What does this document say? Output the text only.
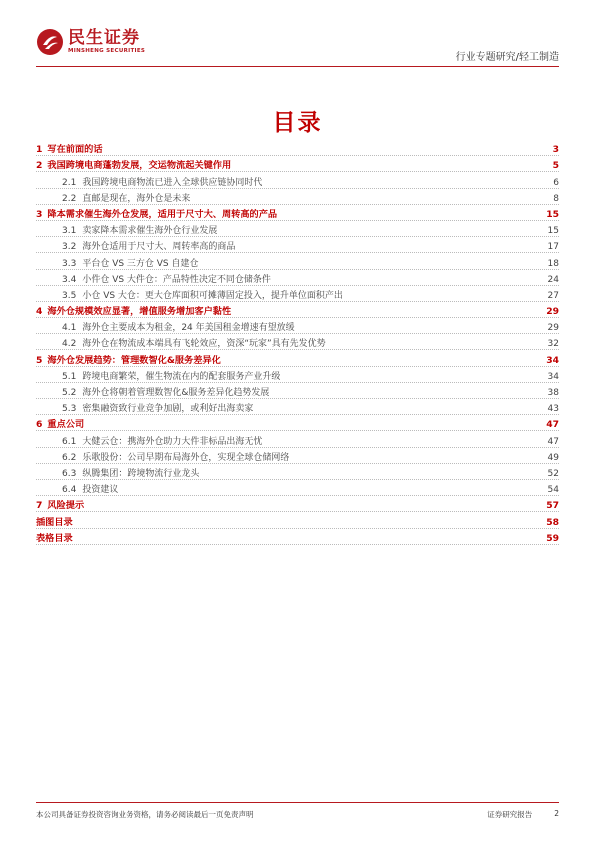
民生证券
MINSHENG SECURITIES
行业专题研究/轻工制造
目录
1 写在前面的话	3
2 我国跨境电商蓬勃发展，交运物流起关键作用	5
2.1 我国跨境电商物流已进入全球供应链协同时代	6
2.2 直邮是现在，海外仓是未来	8
3 降本需求催生海外仓发展，适用于尺寸大、周转高的产品	15
3.1 卖家降本需求催生海外仓行业发展	15
3.2 海外仓适用于尺寸大、周转率高的商品	17
3.3 平台仓 VS 三方仓 VS 自建仓	18
3.4 小件仓 VS 大件仓：产品特性决定不同仓储条件	24
3.5 小仓 VS 大仓：更大仓库面积可摊薄固定投入，提升单位面积产出	27
4 海外仓规模效应显著，增值服务增加客户黏性	29
4.1 海外仓主要成本为租金，24 年美国租金增速有望放缓	29
4.2 海外仓在物流成本端具有飞轮效应，资深“玩家”具有先发优势	32
5 海外仓发展趋势：管理数智化&服务差异化	34
5.1 跨境电商繁荣，催生物流在内的配套服务产业升级	34
5.2 海外仓将朝着管理数智化&服务差异化趋势发展	38
5.3 密集融资致行业竞争加剧，或利好出海卖家	43
6 重点公司	47
6.1 大健云仓：携海外仓助力大件非标品出海无忧	47
6.2 乐歌股份：公司早期布局海外仓，实现全球仓储网络	49
6.3 纵腾集团：跨境物流行业龙头	52
6.4 投资建议	54
7 风险提示	57
插图目录	58
表格目录	59
本公司具备证券投资咨询业务资格，请务必阅读最后一页免责声明	证券研究报告	2
